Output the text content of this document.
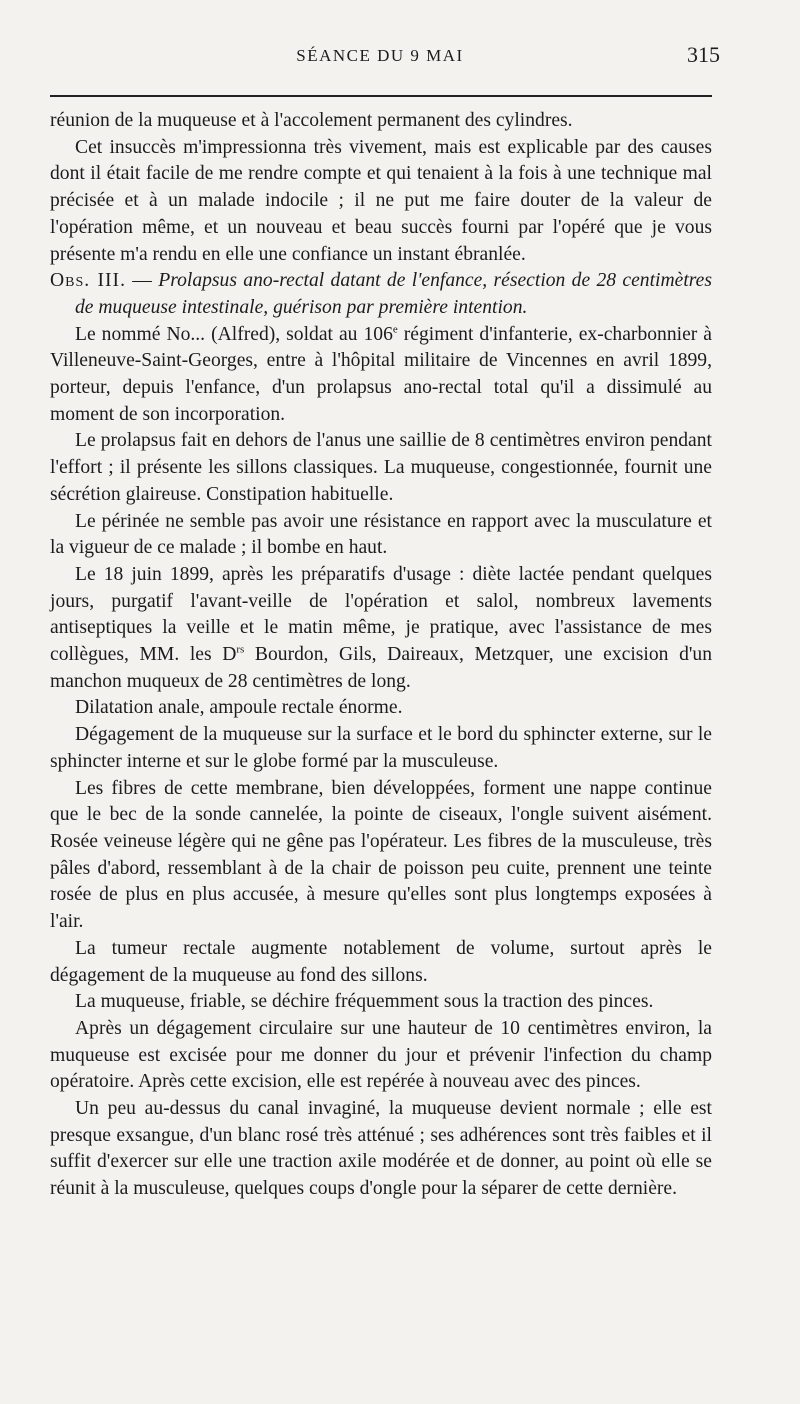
SÉANCE DU 9 MAI	315

réunion de la muqueuse et à l'accolement permanent des cylindres.

Cet insuccès m'impressionna très vivement, mais est explicable par des causes dont il était facile de me rendre compte et qui tenaient à la fois à une technique mal précisée et à un malade indocile ; il ne put me faire douter de la valeur de l'opération même, et un nouveau et beau succès fourni par l'opéré que je vous présente m'a rendu en elle une confiance un instant ébranlée.

Obs. III. — Prolapsus ano-rectal datant de l'enfance, résection de 28 centimètres de muqueuse intestinale, guérison par première intention.

Le nommé No... (Alfred), soldat au 106e régiment d'infanterie, ex-charbonnier à Villeneuve-Saint-Georges, entre à l'hôpital militaire de Vincennes en avril 1899, porteur, depuis l'enfance, d'un prolapsus ano-rectal total qu'il a dissimulé au moment de son incorporation.

Le prolapsus fait en dehors de l'anus une saillie de 8 centimètres environ pendant l'effort ; il présente les sillons classiques. La muqueuse, congestionnée, fournit une sécrétion glaireuse. Constipation habituelle.

Le périnée ne semble pas avoir une résistance en rapport avec la musculature et la vigueur de ce malade ; il bombe en haut.

Le 18 juin 1899, après les préparatifs d'usage : diète lactée pendant quelques jours, purgatif l'avant-veille de l'opération et salol, nombreux lavements antiseptiques la veille et le matin même, je pratique, avec l'assistance de mes collègues, MM. les $D^{rs}$ Bourdon, Gils, Daireaux, Metzquer, une excision d'un manchon muqueux de 28 centimètres de long.

Dilatation anale, ampoule rectale énorme.

Dégagement de la muqueuse sur la surface et le bord du sphincter externe, sur le sphincter interne et sur le globe formé par la musculeuse.

Les fibres de cette membrane, bien développées, forment une nappe continue que le bec de la sonde cannelée, la pointe de ciseaux, l'ongle suivent aisément. Rosée veineuse légère qui ne gêne pas l'opérateur. Les fibres de la musculeuse, très pâles d'abord, ressemblant à de la chair de poisson peu cuite, prennent une teinte rosée de plus en plus accusée, à mesure qu'elles sont plus longtemps exposées à l'air.

La tumeur rectale augmente notablement de volume, surtout après le dégagement de la muqueuse au fond des sillons.

La muqueuse, friable, se déchire fréquemment sous la traction des pinces.

Après un dégagement circulaire sur une hauteur de 10 centimètres environ, la muqueuse est excisée pour me donner du jour et prévenir l'infection du champ opératoire. Après cette excision, elle est repérée à nouveau avec des pinces.

Un peu au-dessus du canal invaginé, la muqueuse devient normale ; elle est presque exsangue, d'un blanc rosé très atténué ; ses adhérences sont très faibles et il suffit d'exercer sur elle une traction axile modérée et de donner, au point où elle se réunit à la musculeuse, quelques coups d'ongle pour la séparer de cette dernière.
